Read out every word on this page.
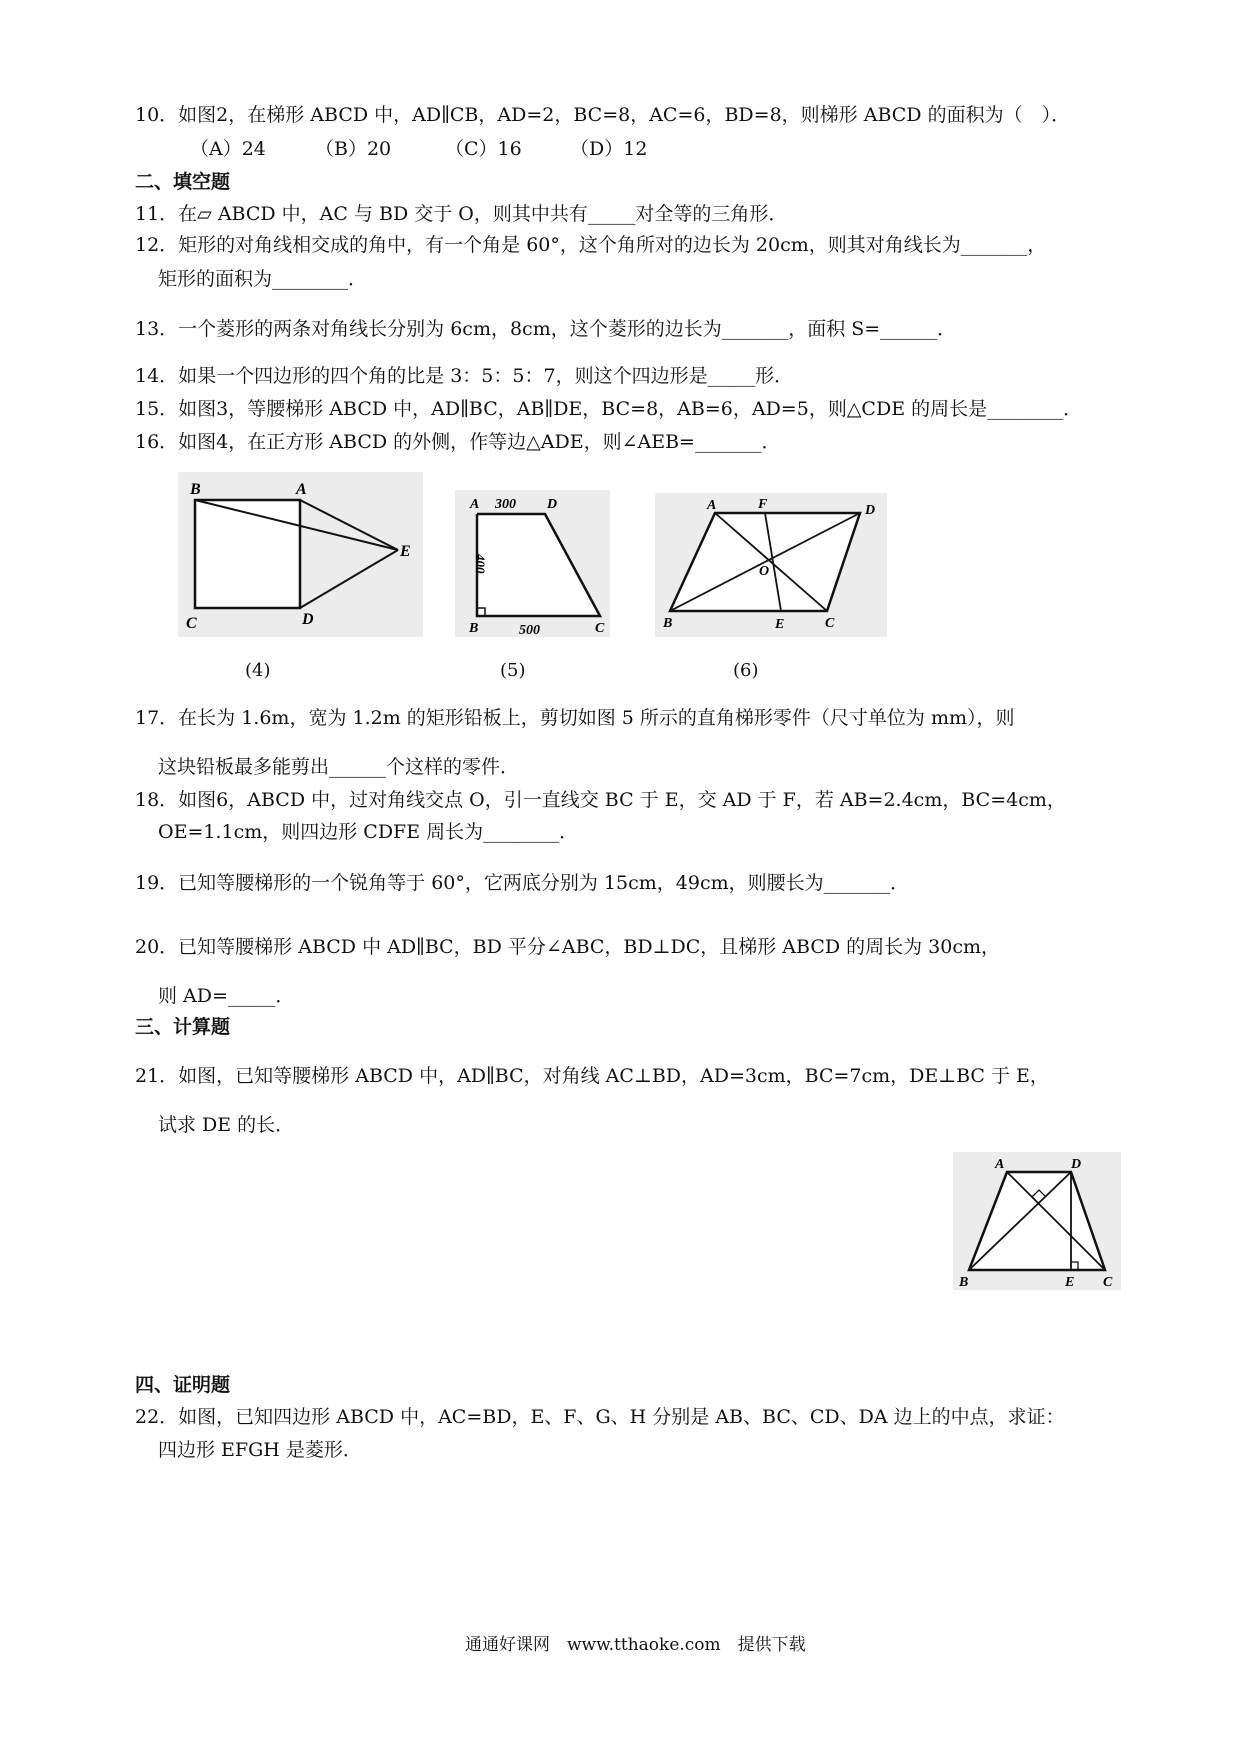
10．如图2，在梯形 ABCD 中，AD∥CB，AD=2，BC=8，AC=6，BD=8，则梯形 ABCD 的面积为（　）．
（A）24	（B）20	（C）16	（D）12
二、填空题
11．在▱ ABCD 中，AC 与 BD 交于 O，则其中共有_____对全等的三角形．
12．矩形的对角线相交成的角中，有一个角是 60°，这个角所对的边长为 20cm，则其对角线长为_______，
矩形的面积为________．
13．一个菱形的两条对角线长分别为 6cm，8cm，这个菱形的边长为_______，面积 S=______．
14．如果一个四边形的四个角的比是 3：5：5：7，则这个四边形是_____形．
15．如图3，等腰梯形 ABCD 中，AD∥BC，AB∥DE，BC=8，AB=6，AD=5，则△CDE 的周长是________．
16．如图4，在正方形 ABCD 的外侧，作等边△ADE，则∠AEB=_______．
B	A
E
C	D
A 300 D
400
B	500	C
A	F	D
O
B	E	C
(4)	(5)	(6)
17．在长为 1.6m，宽为 1.2m 的矩形铅板上，剪切如图 5 所示的直角梯形零件（尺寸单位为 mm），则
这块铅板最多能剪出______个这样的零件．
18．如图6，ABCD 中，过对角线交点 O，引一直线交 BC 于 E，交 AD 于 F，若 AB=2.4cm，BC=4cm，
OE=1.1cm，则四边形 CDFE 周长为________．
19．已知等腰梯形的一个锐角等于 60°，它两底分别为 15cm，49cm，则腰长为_______．
20．已知等腰梯形 ABCD 中 AD∥BC，BD 平分∠ABC，BD⊥DC，且梯形 ABCD 的周长为 30cm，
则 AD=_____．
三、计算题
21．如图，已知等腰梯形 ABCD 中，AD∥BC，对角线 AC⊥BD，AD=3cm，BC=7cm，DE⊥BC 于 E，
试求 DE 的长．
A	D
B	E C
四、证明题
22．如图，已知四边形 ABCD 中，AC=BD，E、F、G、H 分别是 AB、BC、CD、DA 边上的中点，求证：
四边形 EFGH 是菱形．
通通好课网　www.tthaoke.com　提供下载
